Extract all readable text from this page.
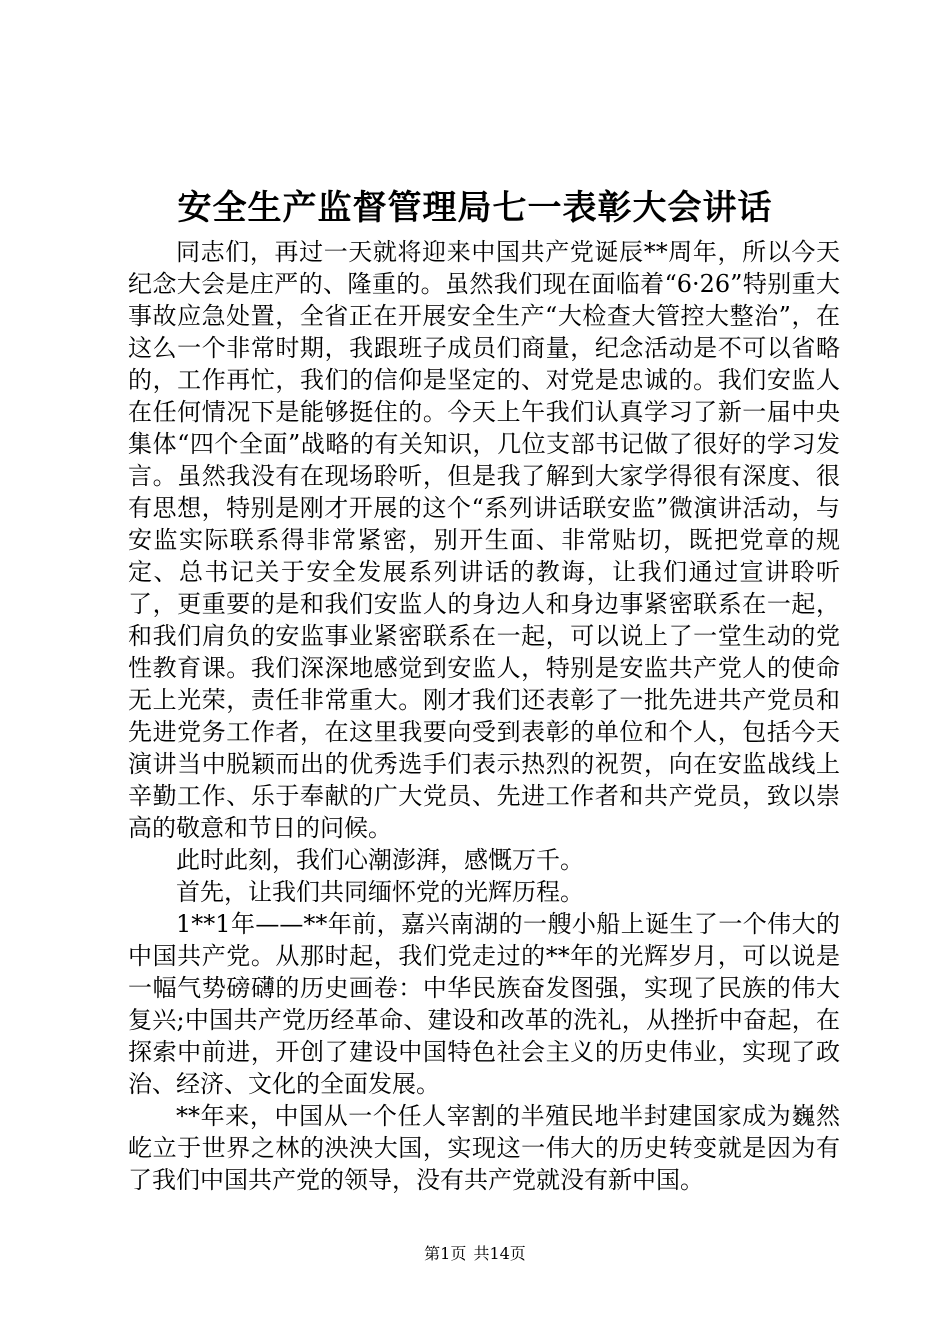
安全生产监督管理局七一表彰大会讲话

同志们，再过一天就将迎来中国共产党诞辰**周年，所以今天纪念大会是庄严的、隆重的。虽然我们现在面临着“6·26”特别重大事故应急处置，全省正在开展安全生产“大检查大管控大整治”，在这么一个非常时期，我跟班子成员们商量，纪念活动是不可以省略的，工作再忙，我们的信仰是坚定的、对党是忠诚的。我们安监人在任何情况下是能够挺住的。今天上午我们认真学习了新一届中央集体“四个全面”战略的有关知识，几位支部书记做了很好的学习发言。虽然我没有在现场聆听，但是我了解到大家学得很有深度、很有思想，特别是刚才开展的这个“系列讲话联安监”微演讲活动，与安监实际联系得非常紧密，别开生面、非常贴切，既把党章的规定、总书记关于安全发展系列讲话的教诲，让我们通过宣讲聆听了，更重要的是和我们安监人的身边人和身边事紧密联系在一起，和我们肩负的安监事业紧密联系在一起，可以说上了一堂生动的党性教育课。我们深深地感觉到安监人，特别是安监共产党人的使命无上光荣，责任非常重大。刚才我们还表彰了一批先进共产党员和先进党务工作者，在这里我要向受到表彰的单位和个人，包括今天演讲当中脱颖而出的优秀选手们表示热烈的祝贺，向在安监战线上辛勤工作、乐于奉献的广大党员、先进工作者和共产党员，致以崇高的敬意和节日的问候。

此时此刻，我们心潮澎湃，感慨万千。

首先，让我们共同缅怀党的光辉历程。

1**1年——**年前，嘉兴南湖的一艘小船上诞生了一个伟大的中国共产党。从那时起，我们党走过的**年的光辉岁月，可以说是一幅气势磅礴的历史画卷：中华民族奋发图强，实现了民族的伟大复兴;中国共产党历经革命、建设和改革的洗礼，从挫折中奋起，在探索中前进，开创了建设中国特色社会主义的历史伟业，实现了政治、经济、文化的全面发展。

**年来，中国从一个任人宰割的半殖民地半封建国家成为巍然屹立于世界之林的泱泱大国，实现这一伟大的历史转变就是因为有了我们中国共产党的领导，没有共产党就没有新中国。

第1页 共14页
